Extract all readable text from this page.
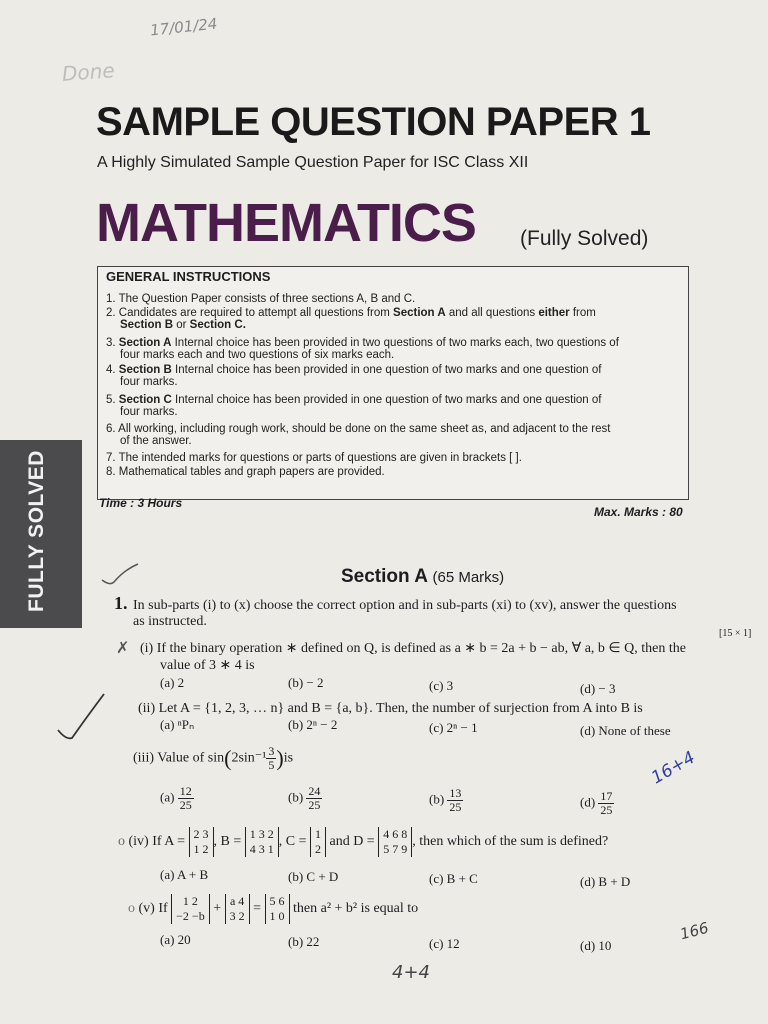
17/01/24
Done
SAMPLE QUESTION PAPER 1
A Highly Simulated Sample Question Paper for ISC Class XII
MATHEMATICS (Fully Solved)
GENERAL INSTRUCTIONS
1. The Question Paper consists of three sections A, B and C.
2. Candidates are required to attempt all questions from Section A and all questions either from
Section B or Section C.
3. Section A Internal choice has been provided in two questions of two marks each, two questions of
four marks each and two questions of six marks each.
4. Section B Internal choice has been provided in one question of two marks and one question of
four marks.
5. Section C Internal choice has been provided in one question of two marks and one question of
four marks.
6. All working, including rough work, should be done on the same sheet as, and adjacent to the rest
of the answer.
7. The intended marks for questions or parts of questions are given in brackets [ ].
8. Mathematical tables and graph papers are provided.
Time : 3 Hours
Max. Marks : 80
FULLY SOLVED	Section A (65 Marks)
1. In sub-parts (i) to (x) choose the correct option and in sub-parts (xi) to (xv), answer the questions
as instructed.
[15 × 1]
✗ (i) If the binary operation ∗ defined on Q, is defined as a ∗ b = 2a + b − ab, ∀ a, b ∈ Q, then the
value of 3 ∗ 4 is
(a) 2	(b) − 2	(c) 3	(d) − 3
(ii) Let A = {1, 2, 3, … n} and B = {a, b}. Then, the number of surjection from A into B is
(a) ⁿPₙ	(b) 2ⁿ − 2	(c) 2ⁿ − 1	(d) None of these
(iii) Value of $\sin(2\sin^{-1} \frac{3}{5} )is$
$(a) \frac{12}{25}$	$(b) \frac{24}{25}$	$(b) \frac{13}{25}$	$(d) \frac{17}{25}$
16+4
o (iv) If A = 2 3
1 2 , B = 1 3 2
4 3 1 , C = 1
2 and D = 4 6 8
5 7 9 , then which of the sum is defined?
(a) A + B	(b) C + D	(c) B + C	(d) B + D
o (v) If 1 2
−2 −b + a 4
3 2 = 5 6
1 0 then a² + b² is equal to
(a) 20	(b) 22	(c) 12	(d) 10
166
4+4
